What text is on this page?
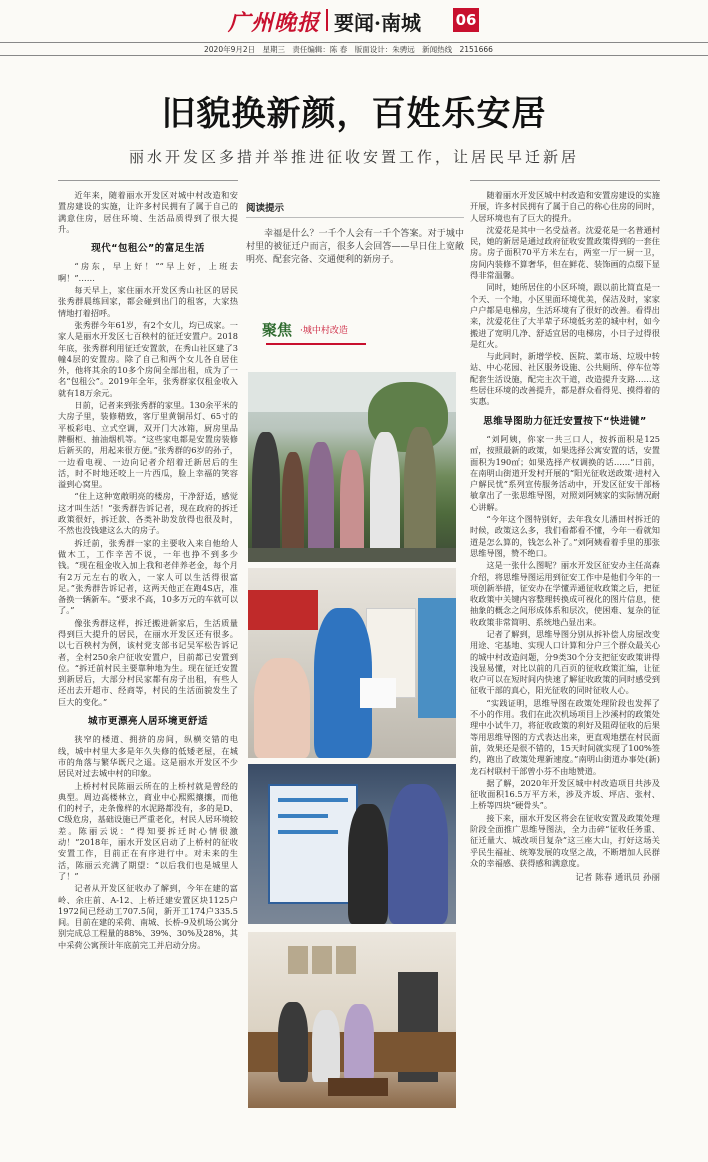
广州晚报 要闻·南城 06
2020年9月2日 星期三 责任编辑：陈 春 版面设计：朱骋远 新闻热线 2151666
旧貌换新颜，百姓乐安居
丽水开发区多措并举推进征收安置工作，让居民早迁新居

近年来，随着丽水开发区对城中村改造和安置房建设的实施，让许多村民拥有了属于自己的满意住房，居住环境、生活品质得到了很大提升。

现代“包租公”的富足生活

“房东，早上好！”“早上好，上班去啊！”……

每天早上，家住丽水开发区秀山社区的居民张秀群晨练回家，都会碰到出门的租客，大家热情地打着招呼。

张秀群今年61岁，有2个女儿，均已成家。一家人是丽水开发区七百秧村的征迁安置户。2018年底，张秀群利用征迁安置款，在秀山社区建了3幢4层的安置房。除了自己和两个女儿各自居住外，他将其余的10多个房间全部出租，成为了一名“包租公”。2019年全年，张秀群家仅租金收入就有18万余元。

日前，记者来到张秀群的家里。130余平米的大房子里，装修精致，客厅里黄铜吊灯、65寸的平板彩电、立式空调，双开门大冰箱，厨房里品牌橱柜、抽油烟机等。“这些家电都是安置房装修后新买的，用起来很方便。”张秀群的6岁的孙子，一边看电视、一边向记者介绍着迁新居后的生活，时不时地还咬上一片西瓜，脸上幸福的笑容溢到心窝里。

“住上这种宽敞明亮的楼房，干净舒适，感觉这才叫生活！”张秀群告诉记者，现在政府的拆迁政策很好，拆迁款、各类补助发放得也很及时，不然也没钱建这么大的房子。

拆迁前，张秀群一家的主要收入来自他给人做木工，工作辛苦不说，一年也挣不到多少钱。“现在租金收入加上我和老伴养老金，每个月有2万元左右的收入，一家人可以生活得很富足。”张秀群告诉记者，这两天他正在跑4S店，准备换一辆新车。“要求不高，10多万元的车就可以了。”

像张秀群这样，拆迁搬进新家后，生活质量得到巨大提升的居民，在丽水开发区还有很多。以七百秧村为例，该村党支部书记吴军松告诉记者，全村250余户征收安置户，目前都已安置到位。“拆迁前村民主要靠种地为生。现在征迁安置到新居后，大部分村民家都有房子出租，有些人还出去开超市、经商等，村民的生活面貌发生了巨大的变化。”

城市更漂亮人居环境更舒适

狭窄的楼道、拥挤的房间，纵横交错的电线，城中村里大多是年久失修的低矮老屋，在城市的角落与繁华既尺之遥。这是丽水开发区不少居民对过去城中村的印象。

上桥村村民陈丽云所在的上桥村就是曾经的典型。周边高楼林立，商业中心熙熙攘攘，而他们的村子，走条像样的水泥路都没有，多的是D、C级危房，基础设施已严重老化，村民人居环境较差。陈丽云说：“得知要拆迁时心情很激动！”2018年，丽水开发区启动了上桥村的征收安置工作，目前正在有序进行中。对未来的生活，陈丽云充满了期望：“以后我们也是城里人了！”

记者从开发区征收办了解到，今年在建的富岭、余庄前、A-12、上桥迁建安置区块1125户1972间已经动工707.5间，新开工174户335.5间。目前在建的采荷、南城、长桥-9及机场公寓分别完成总工程量的88%、39%、30%及28%，其中采荷公寓预计年底前完工并启动分房。

阅读提示
幸福是什么？一千个人会有一千个答案。对于城中村里的被征迁户而言，很多人会回答——早日住上宽敞明亮、配套完备、交通便利的新房子。
聚焦 ·城中村改造

随着丽水开发区城中村改造和安置房建设的实施开展，许多村民拥有了属于自己的称心住房的同时，人居环境也有了巨大的提升。

沈爱花是其中一名受益者。沈爱花是一名普通村民，她的新居是通过政府征收安置政策得到的一套住房。房子面积70平方米左右，两室一厅一厨一卫，房间内装修不算奢华，但在鲜花、装饰画的点缀下显得非常温馨。

同时，她所居住的小区环境，跟以前比简直是一个天、一个地，小区里面环境优美，保洁及时，家家户户都是电梯房，生活环境有了很好的改善。看得出来，沈爱花住了大半辈子环境低劣差的城中村，如今搬进了宽明几净、舒适宜居的电梯房，小日子过得很是红火。

与此同时，新增学校、医院、菜市场、垃圾中转站、中心花园、社区服务设施、公共厕所、停车位等配套生活设施，配完主次干道，改造提升支路……这些居住环境的改善提升，都是群众看得见、摸得着的实惠。

思维导图助力征迁安置按下“快进键”

“刘阿姨，你家一共三口人，按拆面积是125㎡，按照最新的政策，如果选择公寓安置的话，安置面积为190㎡；如果选择产权调换的话……”日前，在南明山街道开发村开展的“阳光征收送政策·进村入户解民忧”系列宣传服务活动中，开发区征安干部杨敏拿出了一张思维导图，对照刘阿姨家的实际情况耐心讲解。

“今年这个图特别好，去年我女儿潘田村拆迁的时候，政策这么多，我们看都看不懂，今年一看就知道是怎么算的，钱怎么补了。”刘阿姨看着手里的那张思维导图，赞不绝口。

这是一张什么图呢？丽水开发区征安办主任高森介绍，将思维导图运用到征安工作中是他们今年的一项创新举措，征安办在学懂弄通征收政策之后，把征收政策中关键内容整理转换成可视化的图片信息，使抽象的概念之间形成体系和层次，使困难、复杂的征收政策非常简明、系统地凸显出来。

记者了解到，思维导图分别从拆补偿人房屋改变用途、宅基地、实现人口计算和分户三个群众最关心的城中村改造问题，分9类30个分支把征安政策讲得浅显易懂，对比以前的几百页的征收政策汇编，让征收户可以在短时间内快速了解征收政策的同时感受到征收干部的真心，阳光征收的同时征收人心。

“实践证明，思维导图在政策处理阶段也发挥了不小的作用。我们在此次机场项目上沙溪村的政策处理中小试牛刀，将征收政策的利好及阻碍征收的后果等用思维导图的方式表达出来，更直观地摆在村民面前，效果还是很不错的，15天时间就实现了100%签约，跑出了政策处理新速度。”南明山街道办事处(新)龙石村联村干部曾小芬不由地赞道。

据了解，2020年开发区城中村改造项目共涉及征收面积16.5万平方米，涉及齐坂、坪店、张村、上桥等四块“硬骨头”。

接下来，丽水开发区将会在征收安置及政策处理阶段全面推广思维导图法，全力击碎“征收任务重、征迁量大、城改项目复杂”这三座大山，打好这场关乎民生福祉、统筹发展的攻坚之战，不断增加人民群众的幸福感、获得感和满意度。

记者 陈春 通讯员 孙丽
